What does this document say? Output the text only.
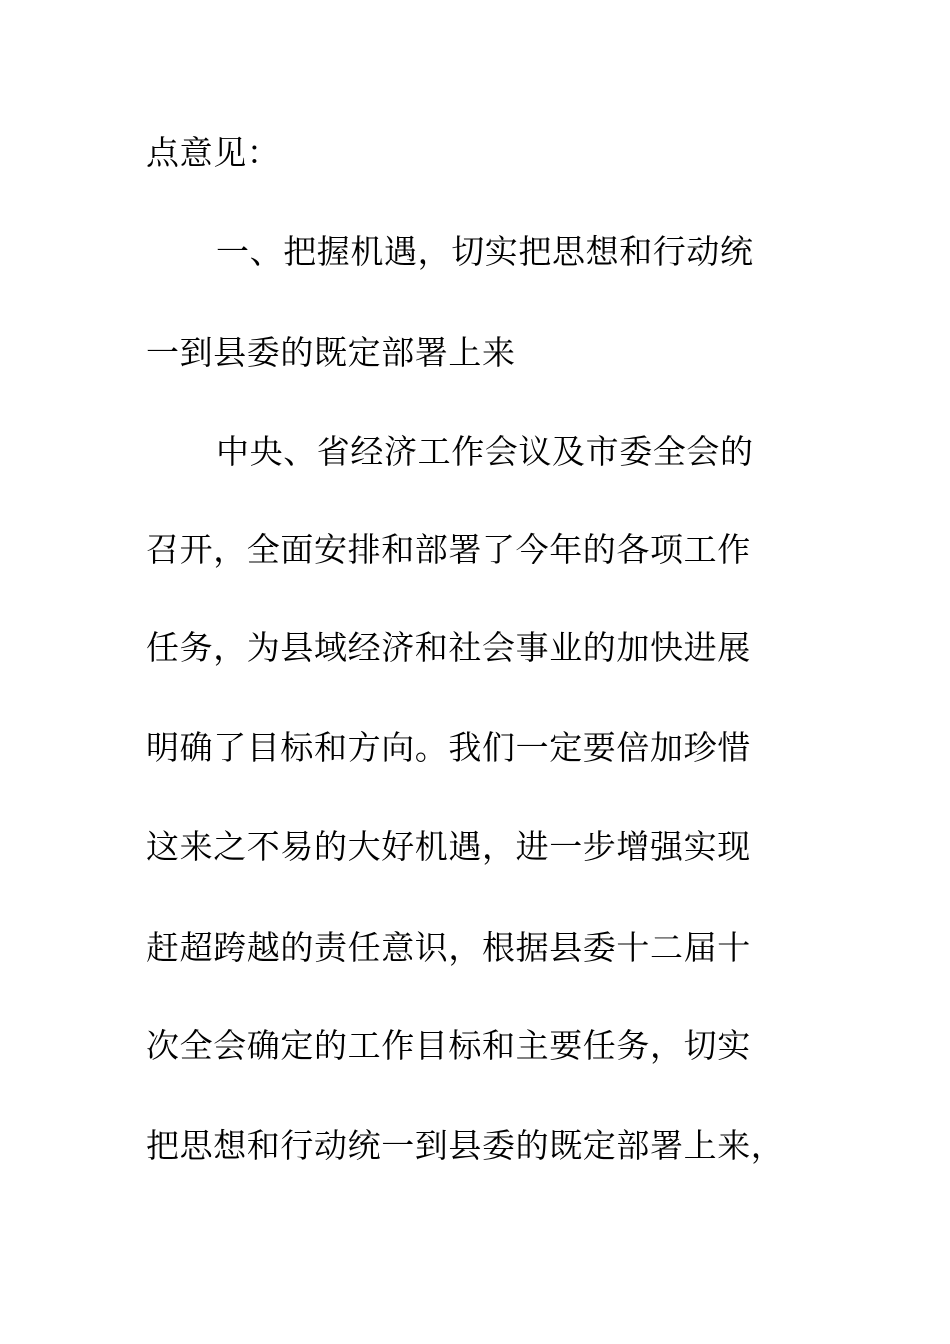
点意见：
一、把握机遇，切实把思想和行动统
一到县委的既定部署上来
中央、省经济工作会议及市委全会的
召开，全面安排和部署了今年的各项工作
任务，为县域经济和社会事业的加快进展
明确了目标和方向。我们一定要倍加珍惜
这来之不易的大好机遇，进一步增强实现
赶超跨越的责任意识，根据县委十二届十
次全会确定的工作目标和主要任务，切实
把思想和行动统一到县委的既定部署上来，
